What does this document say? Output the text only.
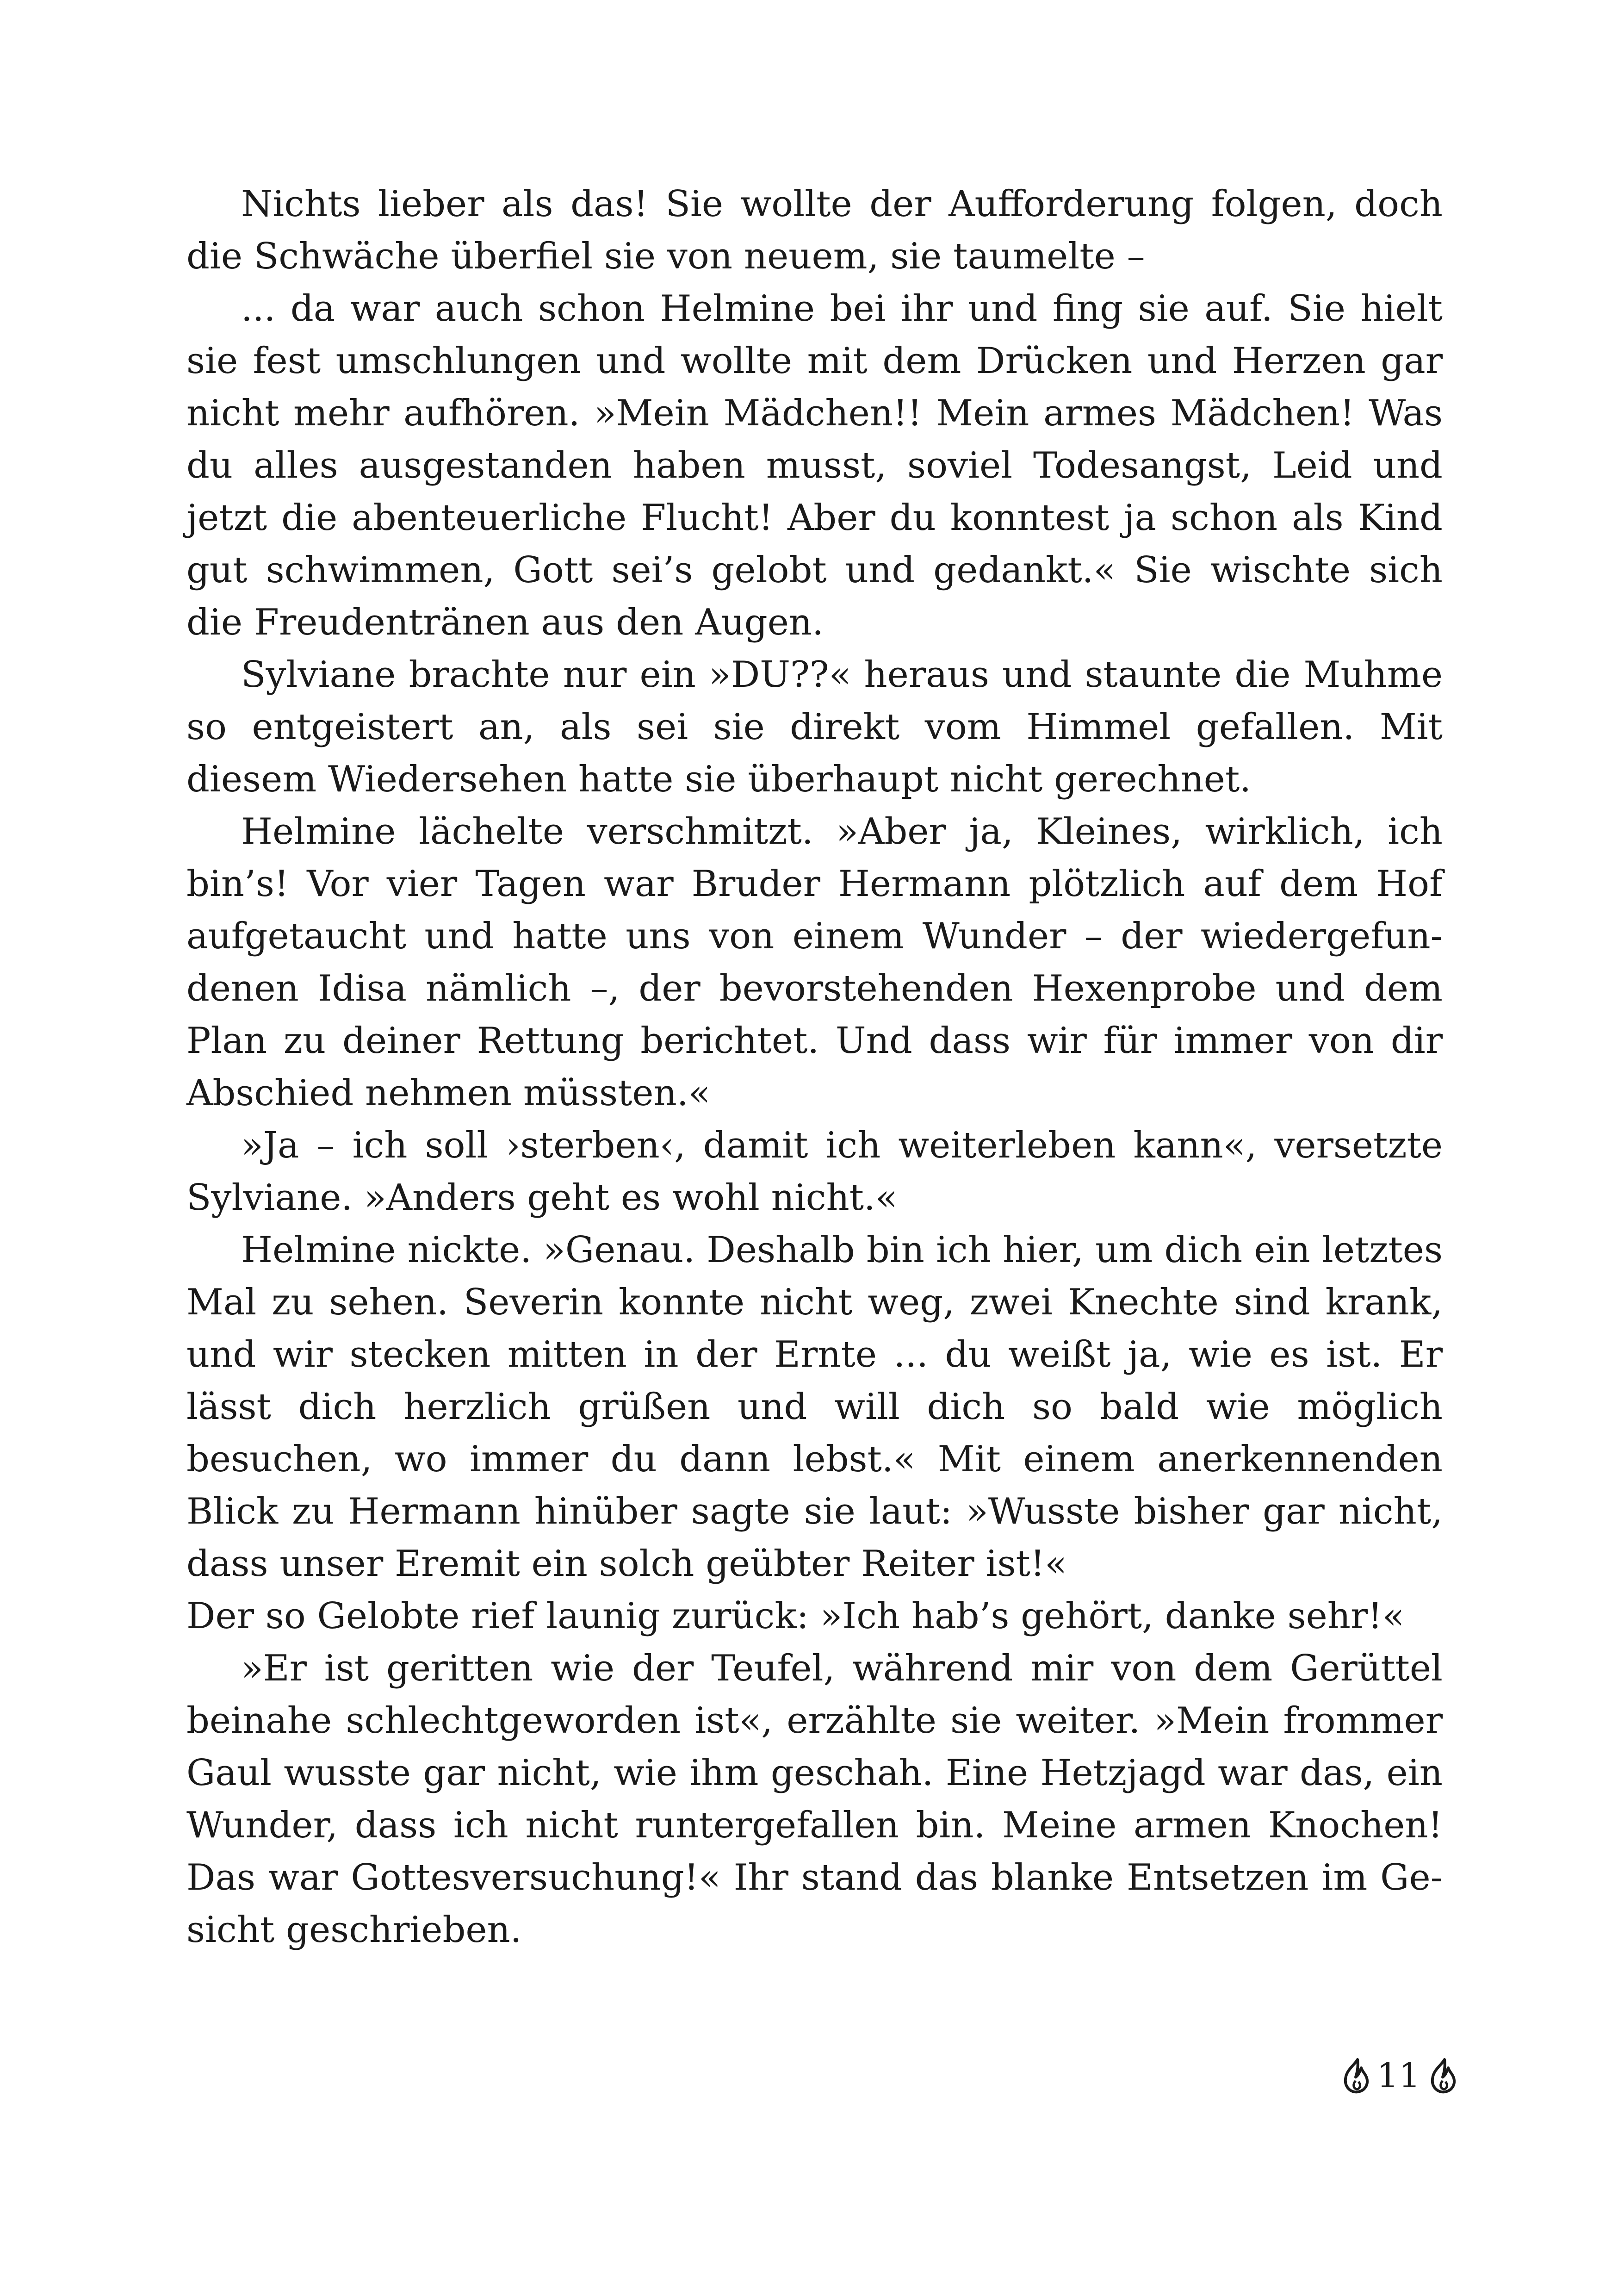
Nichts lieber als das! Sie wollte der Aufforderung folgen, doch die Schwäche überfiel sie von neuem, sie taumelte –

... da war auch schon Helmine bei ihr und fing sie auf. Sie hielt sie fest umschlungen und wollte mit dem Drücken und Herzen gar nicht mehr aufhören. »Mein Mädchen!! Mein armes Mädchen! Was du alles ausgestanden haben musst, soviel Todesangst, Leid und jetzt die abenteuerliche Flucht! Aber du konntest ja schon als Kind gut schwimmen, Gott sei’s gelobt und gedankt.« Sie wischte sich die Freudentränen aus den Augen.

Sylviane brachte nur ein »DU??« heraus und staunte die Muhme so entgeistert an, als sei sie direkt vom Himmel gefallen. Mit diesem Wiedersehen hatte sie überhaupt nicht gerechnet.

Helmine lächelte verschmitzt. »Aber ja, Kleines, wirklich, ich bin’s! Vor vier Tagen war Bruder Hermann plötzlich auf dem Hof aufgetaucht und hatte uns von einem Wunder – der wiedergefundenen Idisa nämlich –, der bevorstehenden Hexenprobe und dem Plan zu deiner Rettung berichtet. Und dass wir für immer von dir Abschied nehmen müssten.«

»Ja – ich soll ›sterben‹, damit ich weiterleben kann«, versetzte Sylviane. »Anders geht es wohl nicht.«

Helmine nickte. »Genau. Deshalb bin ich hier, um dich ein letztes Mal zu sehen. Severin konnte nicht weg, zwei Knechte sind krank, und wir stecken mitten in der Ernte ... du weißt ja, wie es ist. Er lässt dich herzlich grüßen und will dich so bald wie möglich besuchen, wo immer du dann lebst.« Mit einem anerkennenden Blick zu Hermann hinüber sagte sie laut: »Wusste bisher gar nicht, dass unser Eremit ein solch geübter Reiter ist!«

Der so Gelobte rief launig zurück: »Ich hab’s gehört, danke sehr!«

»Er ist geritten wie der Teufel, während mir von dem Gerüttel beinahe schlechtgeworden ist«, erzählte sie weiter. »Mein frommer Gaul wusste gar nicht, wie ihm geschah. Eine Hetzjagd war das, ein Wunder, dass ich nicht runtergefallen bin. Meine armen Knochen! Das war Gottesversuchung!« Ihr stand das blanke Entsetzen im Gesicht geschrieben.

11
